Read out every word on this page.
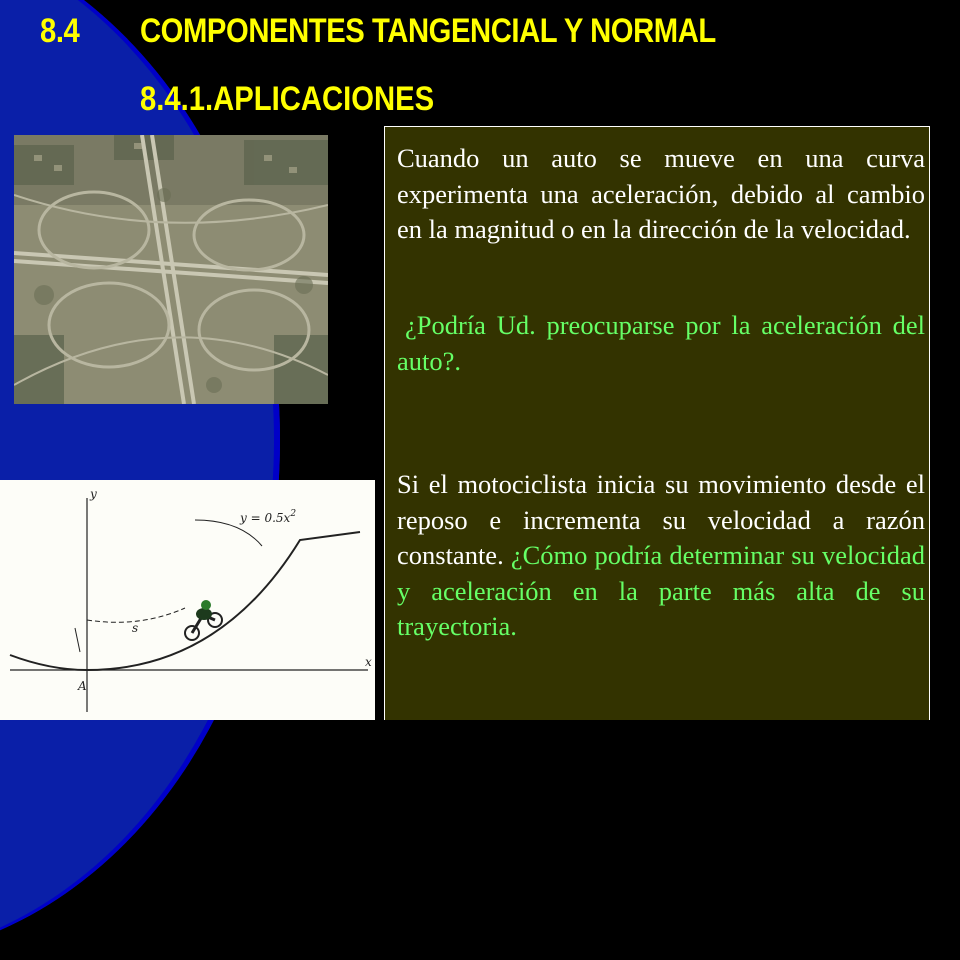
8.4 COMPONENTES TANGENCIAL Y NORMAL
8.4.1.APLICACIONES
y
x
A
s
$y = 0.5x^2$

Cuando un auto se mueve en una curva experimenta una aceleración, debido al cambio en la magnitud o en la dirección de la velocidad.

¿Podría Ud. preocuparse por la aceleración del auto?.

Si el motociclista inicia su movimiento desde el reposo e incrementa su velocidad a razón constante. ¿Cómo podría determinar su velocidad y aceleración en la parte más alta de su trayectoria.
